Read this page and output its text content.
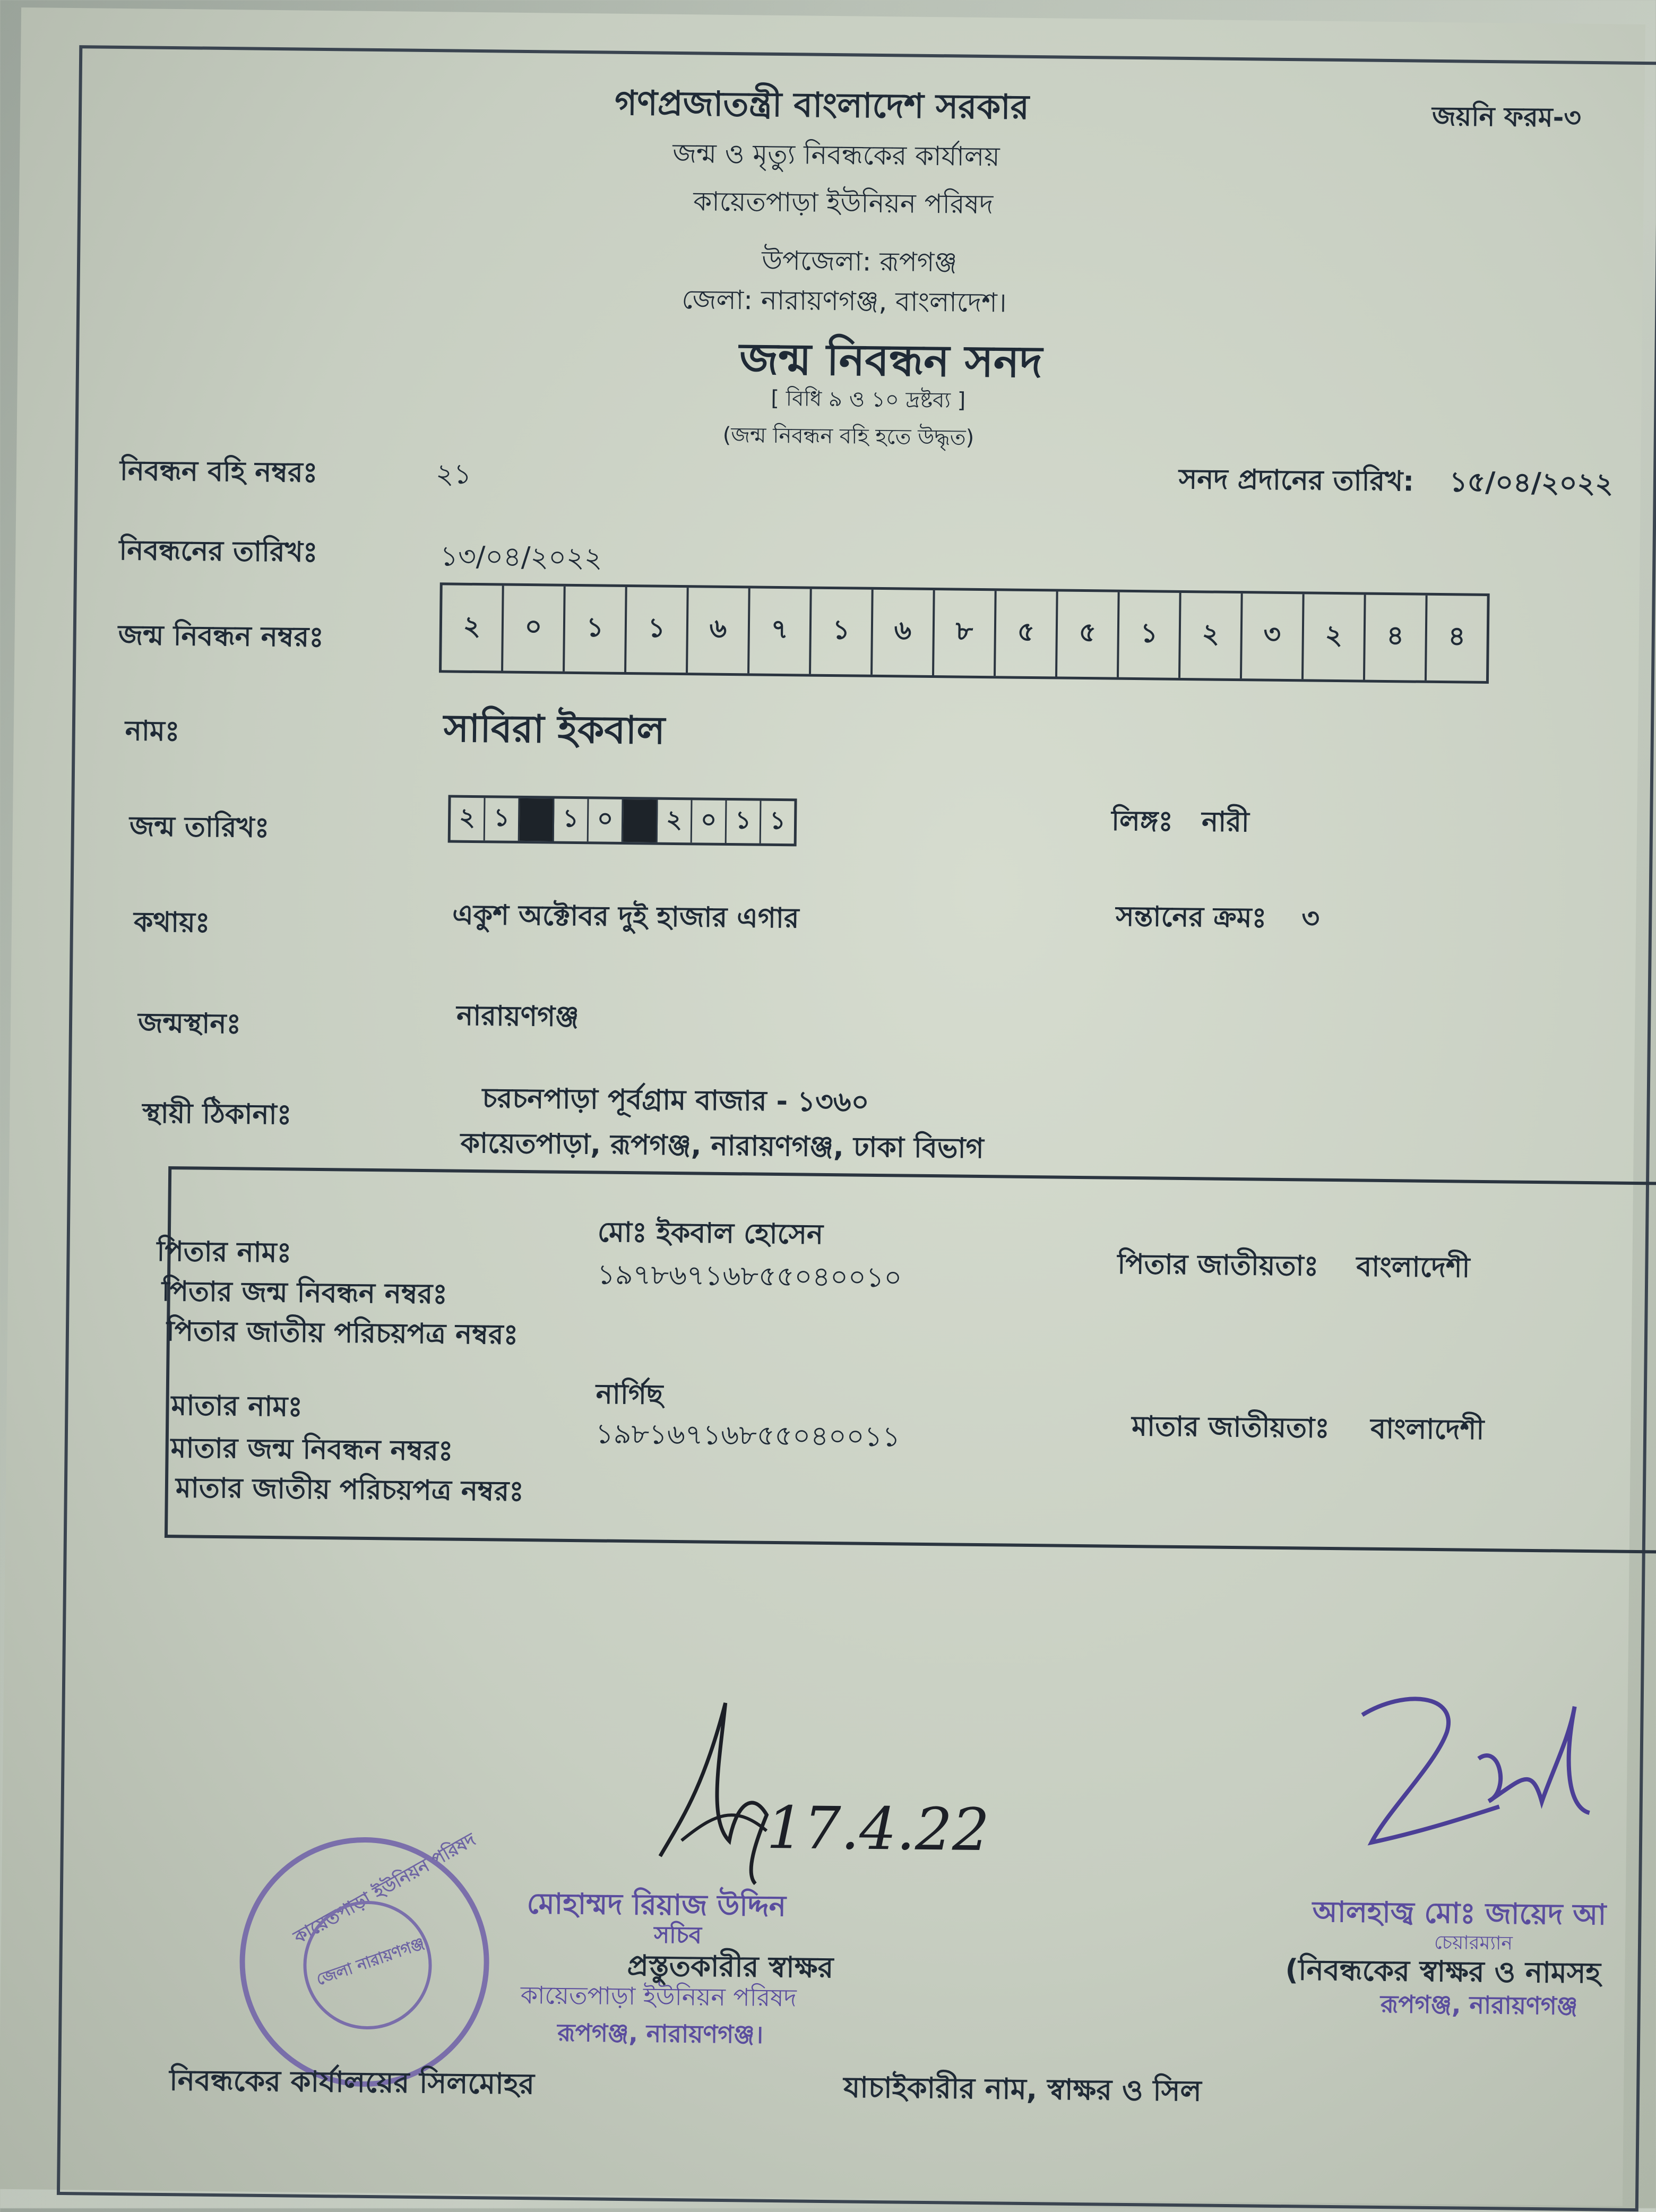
গণপ্রজাতন্ত্রী বাংলাদেশ সরকার	জয়নি ফরম-৩
জন্ম ও মৃত্যু নিবন্ধকের কার্যালয়
কায়েতপাড়া ইউনিয়ন পরিষদ
উপজেলা: রূপগঞ্জ
জেলা: নারায়ণগঞ্জ, বাংলাদেশ।
জন্ম নিবন্ধন সনদ
[ বিধি ৯ ও ১০ দ্রষ্টব্য ]
(জন্ম নিবন্ধন বহি হতে উদ্ধৃত)
নিবন্ধন বহি নম্বরঃ	২১	সনদ প্রদানের তারিখ: ১৫/০৪/২০২২
নিবন্ধনের তারিখঃ	১৩/০৪/২০২২
জন্ম নিবন্ধন নম্বরঃ	২	০	১	১	৬	৭	১	৬	৮	৫	৫	১	২	৩	২	৪	৪
নামঃ	সাবিরা ইকবাল
জন্ম তারিখঃ	২ ১	১ ০	২ ০ ১ ১	লিঙ্গঃ নারী
কথায়ঃ	একুশ অক্টোবর দুই হাজার এগার	সন্তানের ক্রমঃ ৩
জন্মস্থানঃ	নারায়ণগঞ্জ
স্থায়ী ঠিকানাঃ	চরচনপাড়া পূর্বগ্রাম বাজার - ১৩৬০
কায়েতপাড়া, রূপগঞ্জ, নারায়ণগঞ্জ, ঢাকা বিভাগ
পিতার নামঃ
মোঃ ইকবাল হোসেন
পিতার জন্ম নিবন্ধন নম্বরঃ	১৯৭৮৬৭১৬৮৫৫০৪০০১০
পিতার জাতীয় পরিচয়পত্র নম্বরঃ
পিতার জাতীয়তাঃ বাংলাদেশী
মাতার নামঃ	নার্গিছ
মাতার জন্ম নিবন্ধন নম্বরঃ	১৯৮১৬৭১৬৮৫৫০৪০০১১
মাতার জাতীয় পরিচয়পত্র নম্বরঃ
মাতার জাতীয়তাঃ বাংলাদেশী
17.4.22
মোহাম্মদ রিয়াজ উদ্দিন
সচিব
প্রস্তুতকারীর স্বাক্ষর
কায়েতপাড়া ইউনিয়ন পরিষদ
রূপগঞ্জ, নারায়ণগঞ্জ।
আলহাজ্ব মোঃ জায়েদ আ
চেয়ারম্যান
(নিবন্ধকের স্বাক্ষর ও নামসহ
রূপগঞ্জ, নারায়ণগঞ্জ
কায়েতপাড়া ইউনিয়ন পরিষদ
জেলা নারায়ণগঞ্জ
নিবন্ধকের কার্যালয়ের সিলমোহর	যাচাইকারীর নাম, স্বাক্ষর ও সিল
